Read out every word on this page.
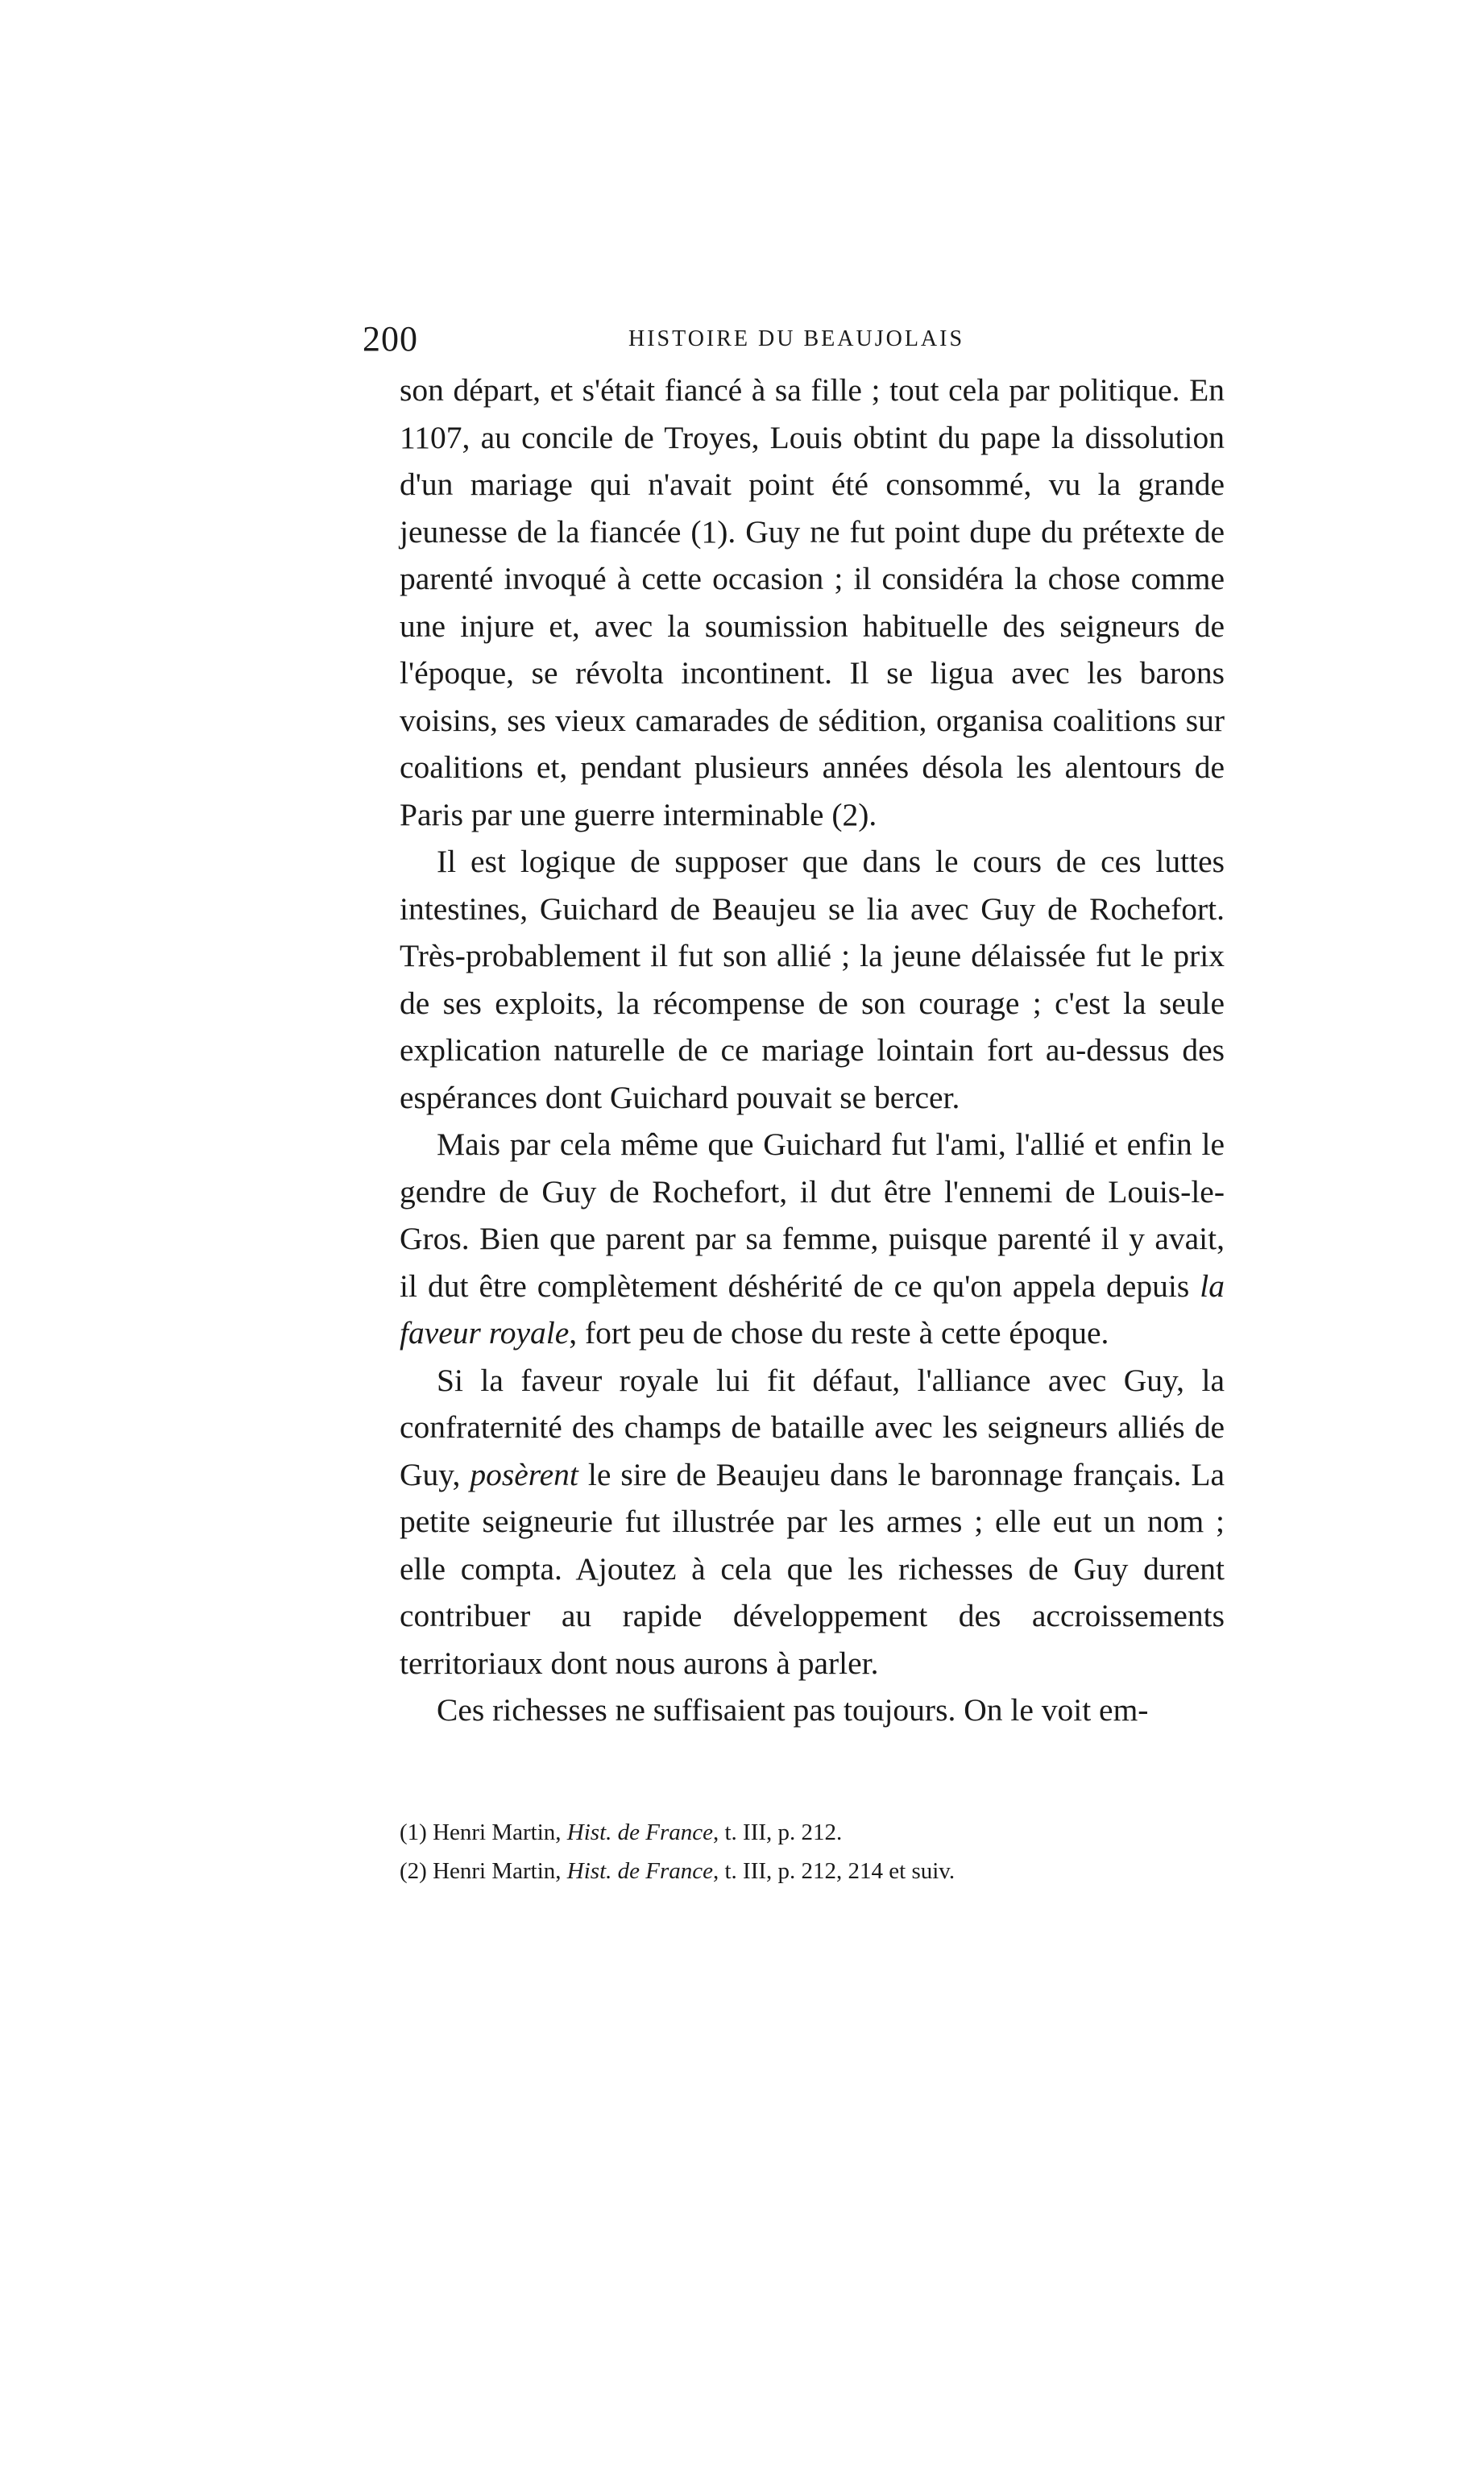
200	HISTOIRE DU BEAUJOLAIS

son départ, et s'était fiancé à sa fille ; tout cela par politique. En 1107, au concile de Troyes, Louis obtint du pape la dissolution d'un mariage qui n'avait point été consommé, vu la grande jeunesse de la fiancée (1). Guy ne fut point dupe du prétexte de parenté invoqué à cette occasion ; il considéra la chose comme une injure et, avec la soumission habituelle des seigneurs de l'époque, se révolta incontinent. Il se ligua avec les barons voisins, ses vieux camarades de sédition, organisa coalitions sur coalitions et, pendant plusieurs années désola les alentours de Paris par une guerre interminable (2).

Il est logique de supposer que dans le cours de ces luttes intestines, Guichard de Beaujeu se lia avec Guy de Rochefort. Très-probablement il fut son allié ; la jeune délaissée fut le prix de ses exploits, la récompense de son courage ; c'est la seule explication naturelle de ce mariage lointain fort au-dessus des espérances dont Guichard pouvait se bercer.

Mais par cela même que Guichard fut l'ami, l'allié et enfin le gendre de Guy de Rochefort, il dut être l'ennemi de Louis-le-Gros. Bien que parent par sa femme, puisque parenté il y avait, il dut être complètement déshérité de ce qu'on appela depuis la faveur royale, fort peu de chose du reste à cette époque.

Si la faveur royale lui fit défaut, l'alliance avec Guy, la confraternité des champs de bataille avec les seigneurs alliés de Guy, posèrent le sire de Beaujeu dans le baronnage français. La petite seigneurie fut illustrée par les armes ; elle eut un nom ; elle compta. Ajoutez à cela que les richesses de Guy durent contribuer au rapide développement des accroissements territoriaux dont nous aurons à parler.

Ces richesses ne suffisaient pas toujours. On le voit em-

(1) Henri Martin, Hist. de France, t. III, p. 212.

(2) Henri Martin, Hist. de France, t. III, p. 212, 214 et suiv.
